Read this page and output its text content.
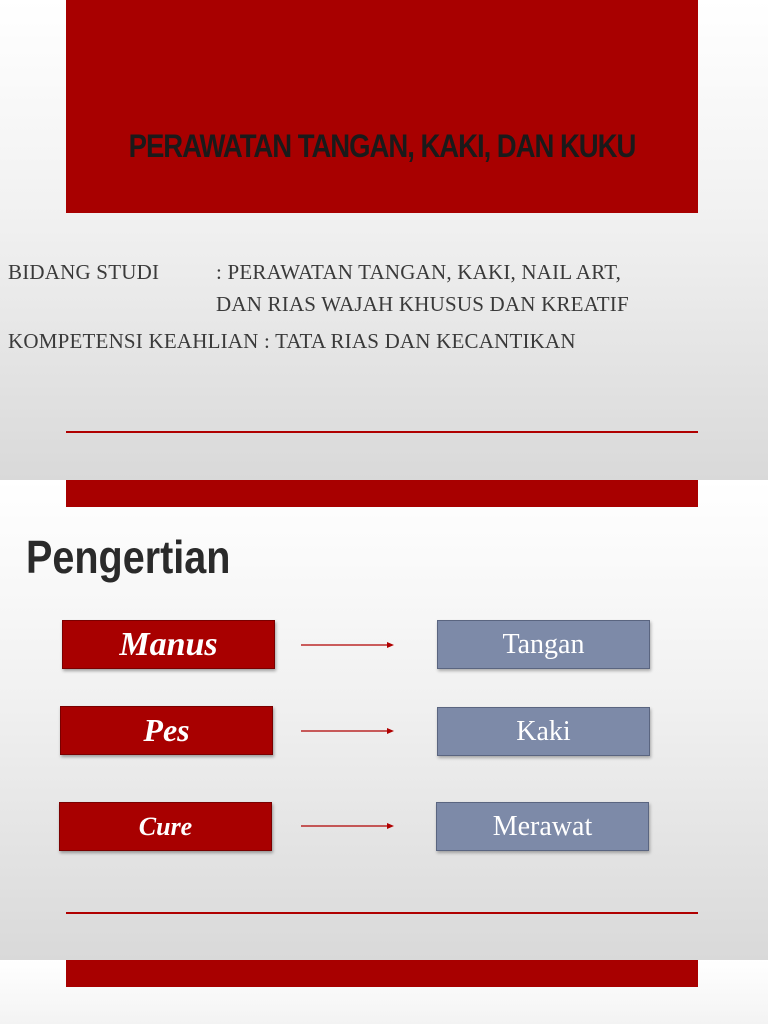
PERAWATAN TANGAN, KAKI, DAN KUKU
BIDANG STUDI	: PERAWATAN TANGAN, KAKI, NAIL ART,
DAN RIAS WAJAH KHUSUS DAN KREATIF
KOMPETENSI KEAHLIAN : TATA RIAS DAN KECANTIKAN
Pengertian
Manus	Tangan
Pes	Kaki
Cure	Merawat
